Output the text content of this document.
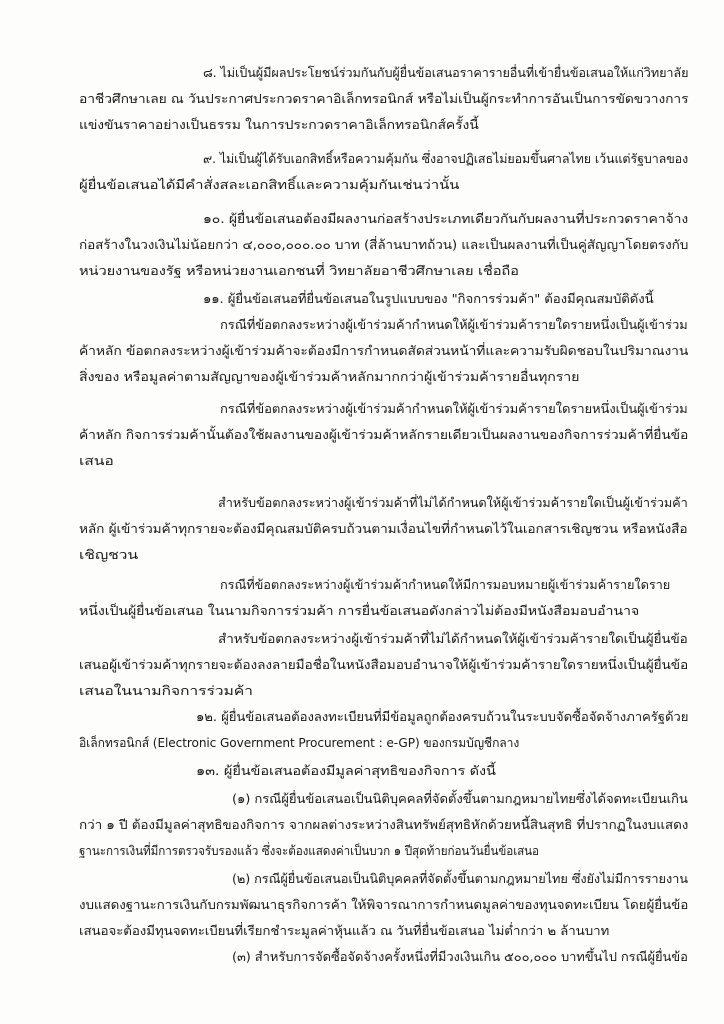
๘. ไม่เป็นผู้มีผลประโยชน์ร่วมกันกับผู้ยื่นข้อเสนอราคารายอื่นที่เข้ายื่นข้อเสนอให้แก่วิทยาลัย
อาชีวศึกษาเลย ณ วันประกาศประกวดราคาอิเล็กทรอนิกส์ หรือไม่เป็นผู้กระทำการอันเป็นการขัดขวางการ
แข่งขันราคาอย่างเป็นธรรม ในการประกวดราคาอิเล็กทรอนิกส์ครั้งนี้
๙. ไม่เป็นผู้ได้รับเอกสิทธิ์หรือความคุ้มกัน ซึ่งอาจปฏิเสธไม่ยอมขึ้นศาลไทย เว้นแต่รัฐบาลของ
ผู้ยื่นข้อเสนอได้มีคำสั่งสละเอกสิทธิ์และความคุ้มกันเช่นว่านั้น
๑๐. ผู้ยื่นข้อเสนอต้องมีผลงานก่อสร้างประเภทเดียวกันกับผลงานที่ประกวดราคาจ้าง
ก่อสร้างในวงเงินไม่น้อยกว่า ๔,๐๐๐,๐๐๐.๐๐ บาท (สี่ล้านบาทถ้วน) และเป็นผลงานที่เป็นคู่สัญญาโดยตรงกับ
หน่วยงานของรัฐ หรือหน่วยงานเอกชนที่ วิทยาลัยอาชีวศึกษาเลย เชื่อถือ
๑๑. ผู้ยื่นข้อเสนอที่ยื่นข้อเสนอในรูปแบบของ "กิจการร่วมค้า" ต้องมีคุณสมบัติดังนี้
กรณีที่ข้อตกลงระหว่างผู้เข้าร่วมค้ากำหนดให้ผู้เข้าร่วมค้ารายใดรายหนึ่งเป็นผู้เข้าร่วม
ค้าหลัก ข้อตกลงระหว่างผู้เข้าร่วมค้าจะต้องมีการกำหนดสัดส่วนหน้าที่และความรับผิดชอบในปริมาณงาน
สิ่งของ หรือมูลค่าตามสัญญาของผู้เข้าร่วมค้าหลักมากกว่าผู้เข้าร่วมค้ารายอื่นทุกราย
กรณีที่ข้อตกลงระหว่างผู้เข้าร่วมค้ากำหนดให้ผู้เข้าร่วมค้ารายใดรายหนึ่งเป็นผู้เข้าร่วม
ค้าหลัก กิจการร่วมค้านั้นต้องใช้ผลงานของผู้เข้าร่วมค้าหลักรายเดียวเป็นผลงานของกิจการร่วมค้าที่ยื่นข้อ
เสนอ
สำหรับข้อตกลงระหว่างผู้เข้าร่วมค้าที่ไม่ได้กำหนดให้ผู้เข้าร่วมค้ารายใดเป็นผู้เข้าร่วมค้า
หลัก ผู้เข้าร่วมค้าทุกรายจะต้องมีคุณสมบัติครบถ้วนตามเงื่อนไขที่กำหนดไว้ในเอกสารเชิญชวน หรือหนังสือ
เชิญชวน
กรณีที่ข้อตกลงระหว่างผู้เข้าร่วมค้ากำหนดให้มีการมอบหมายผู้เข้าร่วมค้ารายใดราย
หนึ่งเป็นผู้ยื่นข้อเสนอ ในนามกิจการร่วมค้า การยื่นข้อเสนอดังกล่าวไม่ต้องมีหนังสือมอบอำนาจ
สำหรับข้อตกลงระหว่างผู้เข้าร่วมค้าที่ไม่ได้กำหนดให้ผู้เข้าร่วมค้ารายใดเป็นผู้ยื่นข้อ
เสนอผู้เข้าร่วมค้าทุกรายจะต้องลงลายมือชื่อในหนังสือมอบอำนาจให้ผู้เข้าร่วมค้ารายใดรายหนึ่งเป็นผู้ยื่นข้อ
เสนอในนามกิจการร่วมค้า
๑๒. ผู้ยื่นข้อเสนอต้องลงทะเบียนที่มีข้อมูลถูกต้องครบถ้วนในระบบจัดซื้อจัดจ้างภาครัฐด้วย
อิเล็กทรอนิกส์ (Electronic Government Procurement : e-GP) ของกรมบัญชีกลาง
๑๓. ผู้ยื่นข้อเสนอต้องมีมูลค่าสุทธิของกิจการ ดังนี้
(๑) กรณีผู้ยื่นข้อเสนอเป็นนิติบุคคลที่จัดตั้งขึ้นตามกฎหมายไทยซึ่งได้จดทะเบียนเกิน
กว่า ๑ ปี ต้องมีมูลค่าสุทธิของกิจการ จากผลต่างระหว่างสินทรัพย์สุทธิหักด้วยหนี้สินสุทธิ ที่ปรากฏในงบแสดง
ฐานะการเงินที่มีการตรวจรับรองแล้ว ซึ่งจะต้องแสดงค่าเป็นบวก ๑ ปีสุดท้ายก่อนวันยื่นข้อเสนอ
(๒) กรณีผู้ยื่นข้อเสนอเป็นนิติบุคคลที่จัดตั้งขึ้นตามกฎหมายไทย ซึ่งยังไม่มีการรายงาน
งบแสดงฐานะการเงินกับกรมพัฒนาธุรกิจการค้า ให้พิจารณาการกำหนดมูลค่าของทุนจดทะเบียน โดยผู้ยื่นข้อ
เสนอจะต้องมีทุนจดทะเบียนที่เรียกชำระมูลค่าหุ้นแล้ว ณ วันที่ยื่นข้อเสนอ ไม่ต่ำกว่า ๒ ล้านบาท
(๓) สำหรับการจัดซื้อจัดจ้างครั้งหนึ่งที่มีวงเงินเกิน ๕๐๐,๐๐๐ บาทขึ้นไป กรณีผู้ยื่นข้อ
